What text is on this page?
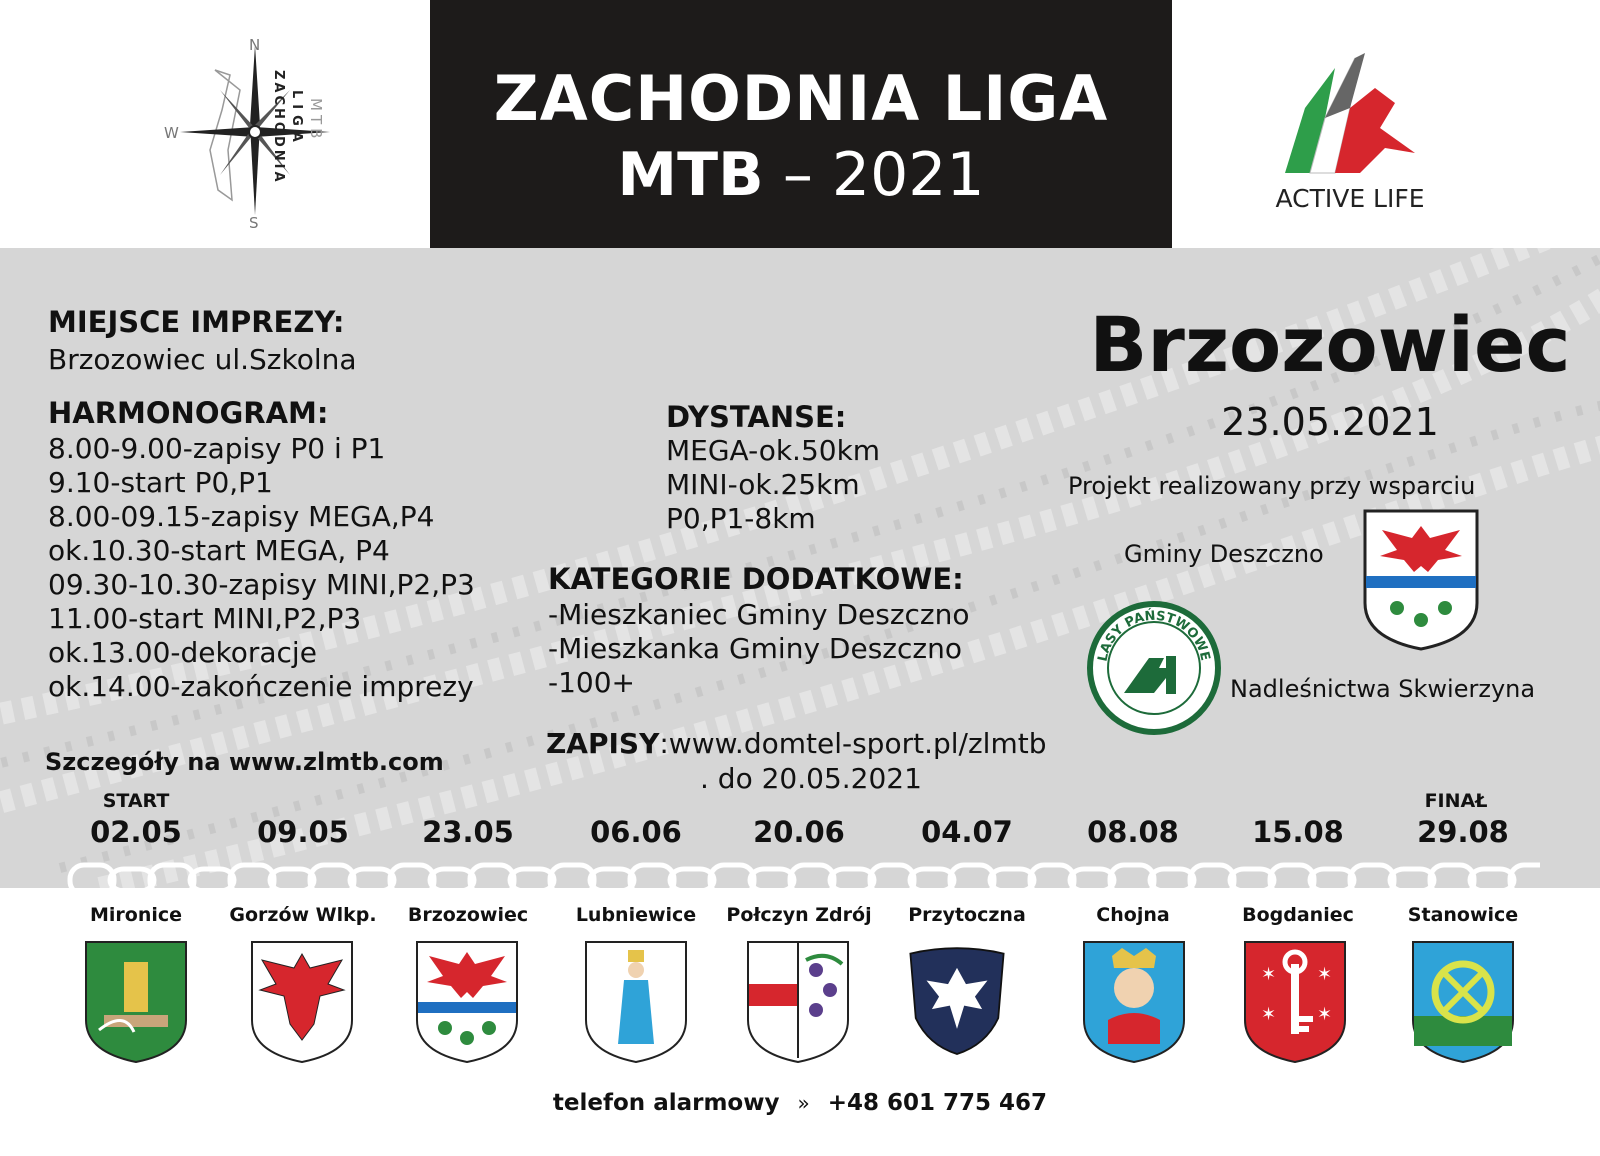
N
S
W	ZACHODNIA LIGA MTB	ZACHODNIA LIGA
MTB – 2021	ACTIVE LIFE
MIEJSCE IMPREZY:
Brzozowiec ul.Szkolna
HARMONOGRAM:
8.00-9.00-zapisy P0 i P1
9.10-start P0,P1
8.00-09.15-zapisy MEGA,P4
ok.10.30-start MEGA, P4
09.30-10.30-zapisy MINI,P2,P3
11.00-start MINI,P2,P3
ok.13.00-dekoracje
ok.14.00-zakończenie imprezy
Szczegóły na www.zlmtb.com
DYSTANSE:
MEGA-ok.50km
MINI-ok.25km
P0,P1-8km
KATEGORIE DODATKOWE:
-Mieszkaniec Gminy Deszczno
-Mieszkanka Gminy Deszczno
-100+
ZAPISY:www.domtel-sport.pl/zlmtb
. do 20.05.2021
Brzozowiec
23.05.2021
Projekt realizowany przy wsparciu
Gminy Deszczno
LASY PAŃSTWOWE
Nadleśnictwa Skwierzyna
START	FINAŁ
02.05	09.05	23.05	06.06	20.06	04.07	08.08	15.08	29.08
Mironice	Gorzów Wlkp.	Brzozowiec	Lubniewice	Połczyn Zdrój	Przytoczna	Chojna	Bogdaniec	Stanowice
✶ ✶
✶ ✶
telefon alarmowy » +48 601 775 467
